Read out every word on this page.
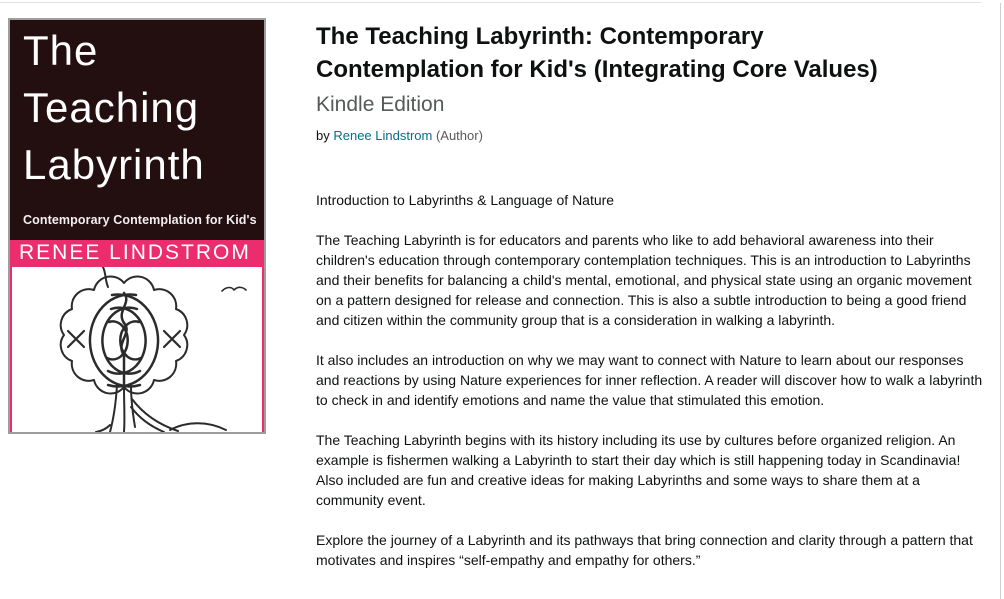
The
Teaching
Labyrinth
Contemporary Contemplation for Kid's
RENEE LINDSTROM
The Teaching Labyrinth: Contemporary
Contemplation for Kid's (Integrating Core Values)
Kindle Edition
by Renee Lindstrom (Author)

Introduction to Labyrinths & Language of Nature

The Teaching Labyrinth is for educators and parents who like to add behavioral awareness into their children's education through contemporary contemplation techniques. This is an introduction to Labyrinths and their benefits for balancing a child's mental, emotional, and physical state using an organic movement on a pattern designed for release and connection. This is also a subtle introduction to being a good friend and citizen within the community group that is a consideration in walking a labyrinth.

It also includes an introduction on why we may want to connect with Nature to learn about our responses and reactions by using Nature experiences for inner reflection. A reader will discover how to walk a labyrinth to check in and identify emotions and name the value that stimulated this emotion.

The Teaching Labyrinth begins with its history including its use by cultures before organized religion. An example is fishermen walking a Labyrinth to start their day which is still happening today in Scandinavia! Also included are fun and creative ideas for making Labyrinths and some ways to share them at a community event.

Explore the journey of a Labyrinth and its pathways that bring connection and clarity through a pattern that motivates and inspires “self-empathy and empathy for others.”
